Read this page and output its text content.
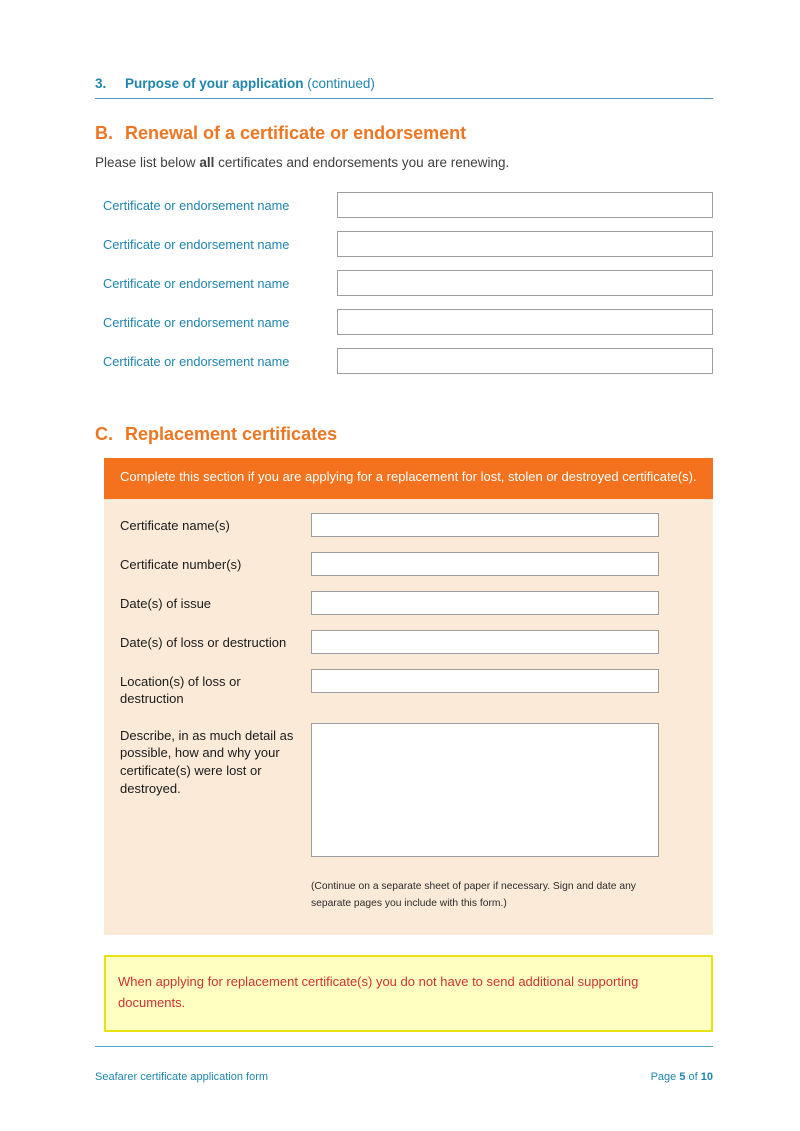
3.	Purpose of your application (continued)
B. Renewal of a certificate or endorsement
Please list below all certificates and endorsements you are renewing.
Certificate or endorsement name
Certificate or endorsement name
Certificate or endorsement name
Certificate or endorsement name
Certificate or endorsement name
C. Replacement certificates
Complete this section if you are applying for a replacement for lost, stolen or destroyed certificate(s).
Certificate name(s)
Certificate number(s)
Date(s) of issue
Date(s) of loss or destruction
Location(s) of loss or destruction
Describe, in as much detail as possible, how and why your certificate(s) were lost or destroyed.
(Continue on a separate sheet of paper if necessary. Sign and date any separate pages you include with this form.)
When applying for replacement certificate(s) you do not have to send additional supporting documents.
Seafarer certificate application form	Page 5 of 10
